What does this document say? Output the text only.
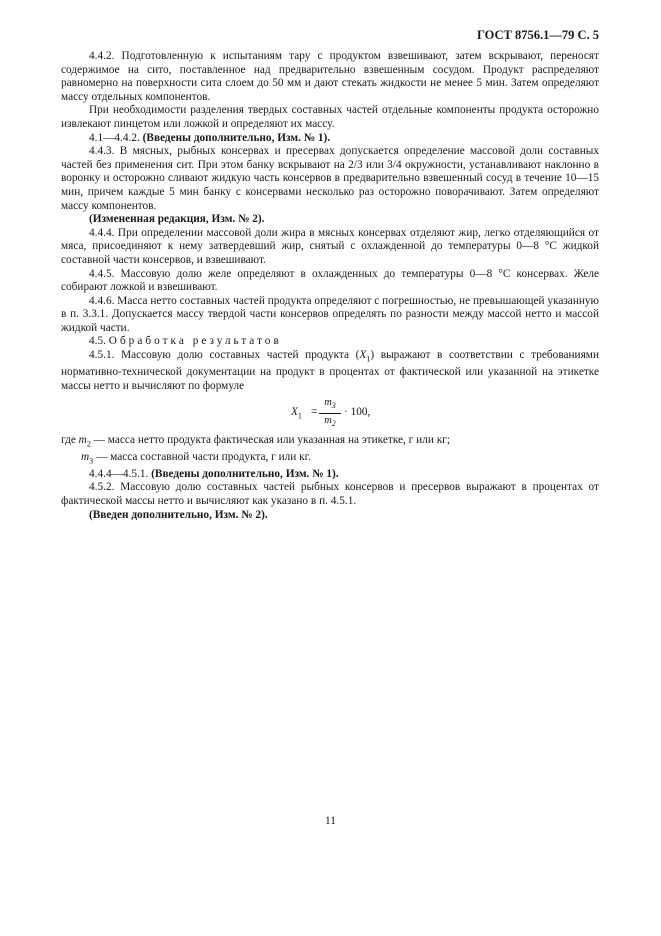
ГОСТ 8756.1—79 С. 5

4.4.2. Подготовленную к испытаниям тару с продуктом взвешивают, затем вскрывают, переносят содержимое на сито, поставленное над предварительно взвешенным сосудом. Продукт распределяют равномерно на поверхности сита слоем до 50 мм и дают стекать жидкости не менее 5 мин. Затем определяют массу отдельных компонентов.

При необходимости разделения твердых составных частей отдельные компоненты продукта осторожно извлекают пинцетом или ложкой и определяют их массу.

4.1—4.4.2. (Введены дополнительно, Изм. № 1).

4.4.3. В мясных, рыбных консервах и пресервах допускается определение массовой доли составных частей без применения сит. При этом банку вскрывают на 2/3 или 3/4 окружности, устанавливают наклонно в воронку и осторожно сливают жидкую часть консервов в предварительно взвешенный сосуд в течение 10—15 мин, причем каждые 5 мин банку с консервами несколько раз осторожно поворачивают. Затем определяют массу компонентов.

(Измененная редакция, Изм. № 2).

4.4.4. При определении массовой доли жира в мясных консервах отделяют жир, легко отделяющийся от мяса, присоединяют к нему затвердевший жир, снятый с охлажденной до температуры 0—8 °С жидкой составной части консервов, и взвешивают.

4.4.5. Массовую долю желе определяют в охлажденных до температуры 0—8 °С консервах. Желе собирают ложкой и взвешивают.

4.4.6. Масса нетто составных частей продукта определяют с погрешностью, не превышающей указанную в п. 3.3.1. Допускается массу твердой части консервов определять по разности между массой нетто и массой жидкой части.

4.5. Обработка результатов

4.5.1. Массовую долю составных частей продукта $(X_1)$ выражают в соответствии с требованиями нормативно-технической документации на продукт в процентах от фактической или указанной на этикетке массы нетто и вычисляют по формуле

$X_1 = \frac{m_3}{m_2} \cdot 100$,

где $m_2$ — масса нетто продукта фактическая или указанная на этикетке, г или кг;

$m_3$ — масса составной части продукта, г или кг.

4.4.4—4.5.1. (Введены дополнительно, Изм. № 1).

4.5.2. Массовую долю составных частей рыбных консервов и пресервов выражают в процентах от фактической массы нетто и вычисляют как указано в п. 4.5.1.

(Введен дополнительно, Изм. № 2).

11
